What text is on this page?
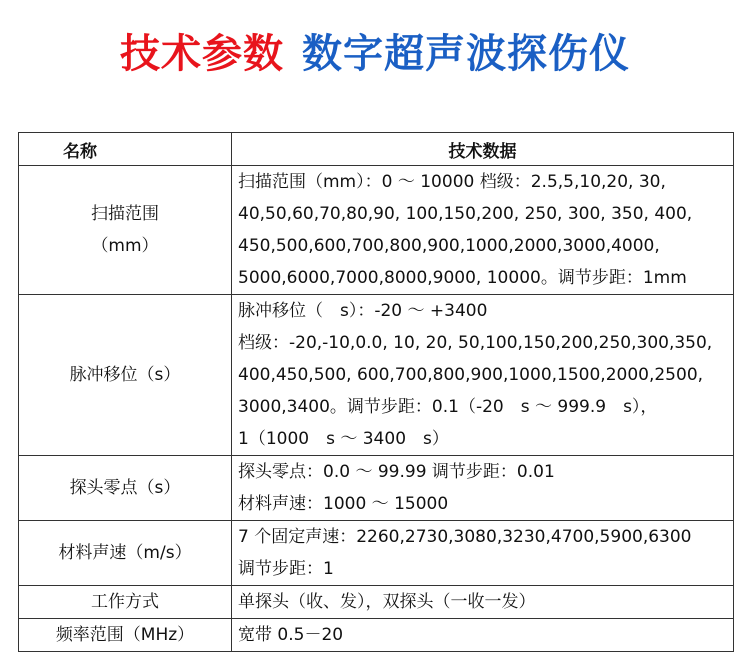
技术参数 数字超声波探伤仪
名称	技术数据

扫描范围
（mm）	扫描范围（mm）：0 ～ 10000 档级：2.5,5,10,20, 30,
40,50,60,70,80,90, 100,150,200, 250, 300, 350, 400,
450,500,600,700,800,900,1000,2000,3000,4000,
5000,6000,7000,8000,9000, 10000。调节步距：1mm

脉冲移位（s）	脉冲移位（　s）：-20 ～ +3400
档级：-20,-10,0.0, 10, 20, 50,100,150,200,250,300,350,
400,450,500, 600,700,800,900,1000,1500,2000,2500,
3000,3400。调节步距：0.1（-20　s ～ 999.9　s），
1（1000　s ～ 3400　s）

探头零点（s）	探头零点：0.0 ～ 99.99 调节步距：0.01
材料声速：1000 ～ 15000

材料声速（m/s）	7 个固定声速：2260,2730,3080,3230,4700,5900,6300
调节步距：1

工作方式	单探头（收、发），双探头（一收一发）

频率范围（MHz）	宽带 0.5－20
